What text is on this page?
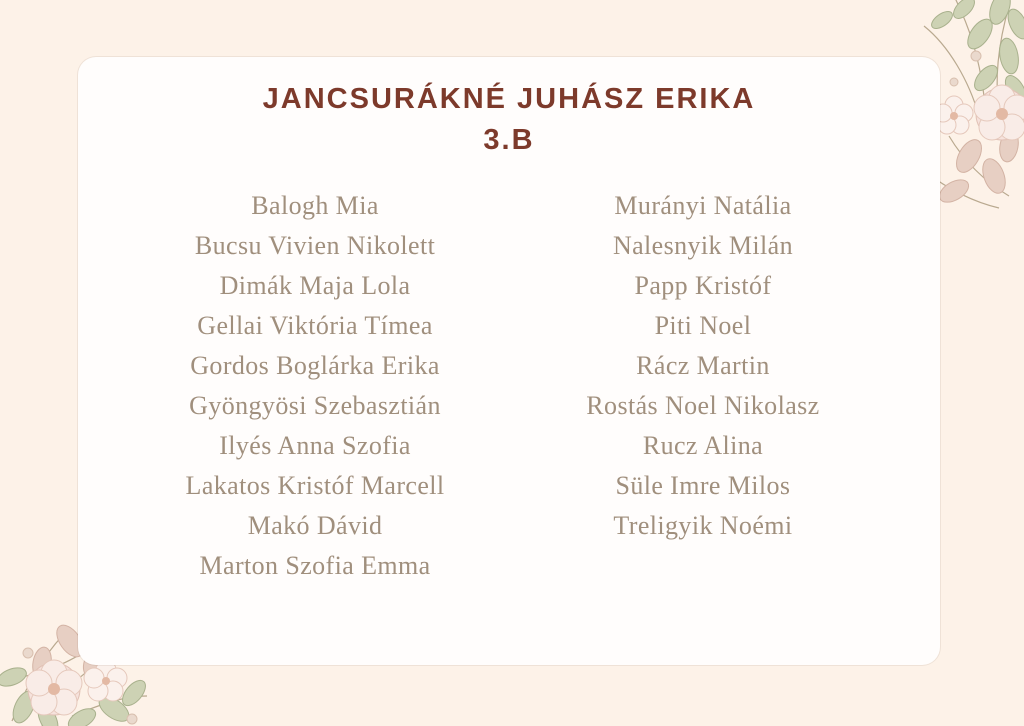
JANCSURÁKNÉ JUHÁSZ ERIKA
3.B
Balogh Mia
Bucsu Vivien Nikolett
Dimák Maja Lola
Gellai Viktória Tímea
Gordos Boglárka Erika
Gyöngyösi Szebasztián
Ilyés Anna Szofia
Lakatos Kristóf Marcell
Makó Dávid
Marton Szofia Emma
Murányi Natália
Nalesnyik Milán
Papp Kristóf
Piti Noel
Rácz Martin
Rostás Noel Nikolasz
Rucz Alina
Süle Imre Milos
Treligyik Noémi
